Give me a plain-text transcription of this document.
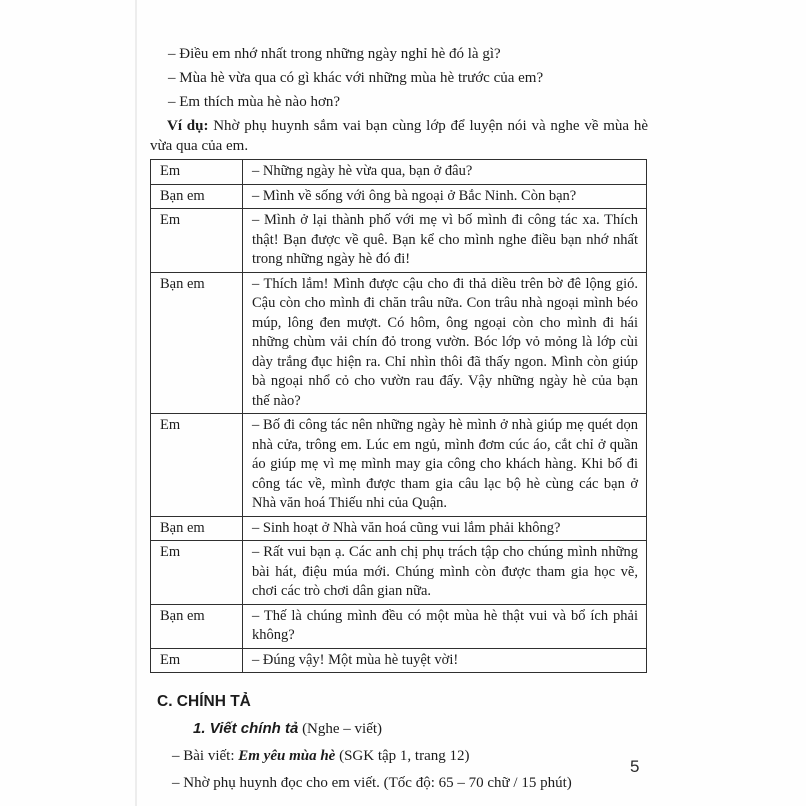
– Điều em nhớ nhất trong những ngày nghỉ hè đó là gì?

– Mùa hè vừa qua có gì khác với những mùa hè trước của em?

– Em thích mùa hè nào hơn?

Ví dụ: Nhờ phụ huynh sắm vai bạn cùng lớp để luyện nói và nghe về mùa hè vừa qua của em.

Em	– Những ngày hè vừa qua, bạn ở đâu?
Bạn em	– Mình về sống với ông bà ngoại ở Bắc Ninh. Còn bạn?
Em	– Mình ở lại thành phố với mẹ vì bố mình đi công tác xa. Thích thật! Bạn được về quê. Bạn kể cho mình nghe điều bạn nhớ nhất trong những ngày hè đó đi!
Bạn em	– Thích lắm! Mình được cậu cho đi thả diều trên bờ đê lộng gió. Cậu còn cho mình đi chăn trâu nữa. Con trâu nhà ngoại mình béo múp, lông đen mượt. Có hôm, ông ngoại còn cho mình đi hái những chùm vải chín đỏ trong vườn. Bóc lớp vỏ mỏng là lớp cùi dày trắng đục hiện ra. Chỉ nhìn thôi đã thấy ngon. Mình còn giúp bà ngoại nhổ cỏ cho vườn rau đấy. Vậy những ngày hè của bạn thế nào?
Em	– Bố đi công tác nên những ngày hè mình ở nhà giúp mẹ quét dọn nhà cửa, trông em. Lúc em ngủ, mình đơm cúc áo, cắt chỉ ở quần áo giúp mẹ vì mẹ mình may gia công cho khách hàng. Khi bố đi công tác về, mình được tham gia câu lạc bộ hè cùng các bạn ở Nhà văn hoá Thiếu nhi của Quận.
Bạn em	– Sinh hoạt ở Nhà văn hoá cũng vui lắm phải không?
Em	– Rất vui bạn ạ. Các anh chị phụ trách tập cho chúng mình những bài hát, điệu múa mới. Chúng mình còn được tham gia học vẽ, chơi các trò chơi dân gian nữa.
Bạn em	– Thế là chúng mình đều có một mùa hè thật vui và bổ ích phải không?
Em	– Đúng vậy! Một mùa hè tuyệt vời!

C. CHÍNH TẢ

1. Viết chính tả (Nghe – viết)

– Bài viết: Em yêu mùa hè (SGK tập 1, trang 12)

– Nhờ phụ huynh đọc cho em viết. (Tốc độ: 65 – 70 chữ / 15 phút)

5
